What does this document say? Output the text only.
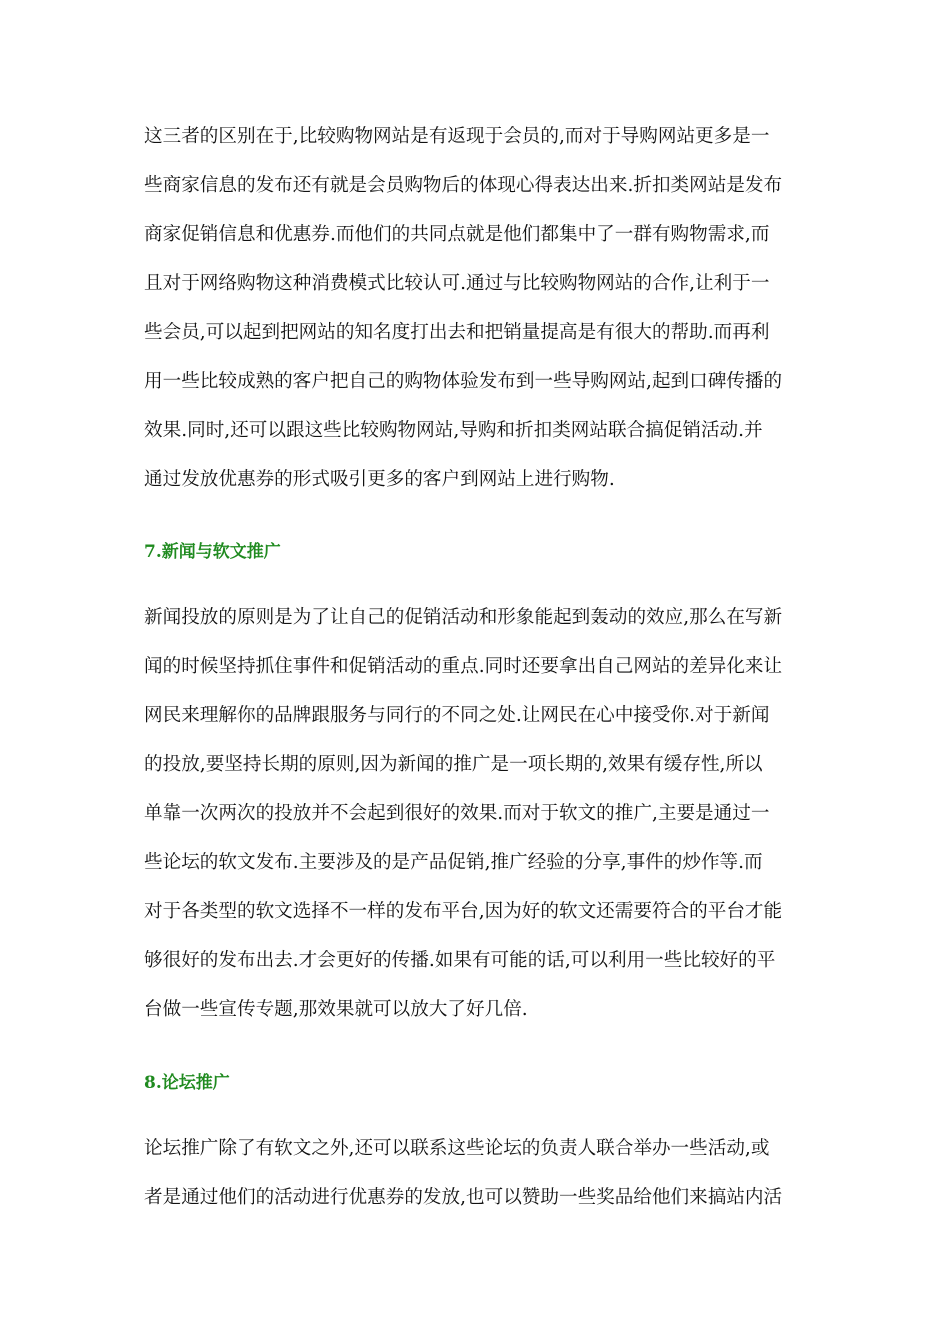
这三者的区别在于,比较购物网站是有返现于会员的,而对于导购网站更多是一
些商家信息的发布还有就是会员购物后的体现心得表达出来.折扣类网站是发布
商家促销信息和优惠券.而他们的共同点就是他们都集中了一群有购物需求,而
且对于网络购物这种消费模式比较认可.通过与比较购物网站的合作,让利于一
些会员,可以起到把网站的知名度打出去和把销量提高是有很大的帮助.而再利
用一些比较成熟的客户把自己的购物体验发布到一些导购网站,起到口碑传播的
效果.同时,还可以跟这些比较购物网站,导购和折扣类网站联合搞促销活动.并
通过发放优惠券的形式吸引更多的客户到网站上进行购物.
7.新闻与软文推广
新闻投放的原则是为了让自己的促销活动和形象能起到轰动的效应,那么在写新
闻的时候坚持抓住事件和促销活动的重点.同时还要拿出自己网站的差异化来让
网民来理解你的品牌跟服务与同行的不同之处.让网民在心中接受你.对于新闻
的投放,要坚持长期的原则,因为新闻的推广是一项长期的,效果有缓存性,所以
单靠一次两次的投放并不会起到很好的效果.而对于软文的推广,主要是通过一
些论坛的软文发布.主要涉及的是产品促销,推广经验的分享,事件的炒作等.而
对于各类型的软文选择不一样的发布平台,因为好的软文还需要符合的平台才能
够很好的发布出去.才会更好的传播.如果有可能的话,可以利用一些比较好的平
台做一些宣传专题,那效果就可以放大了好几倍.
8.论坛推广
论坛推广除了有软文之外,还可以联系这些论坛的负责人联合举办一些活动,或
者是通过他们的活动进行优惠券的发放,也可以赞助一些奖品给他们来搞站内活
